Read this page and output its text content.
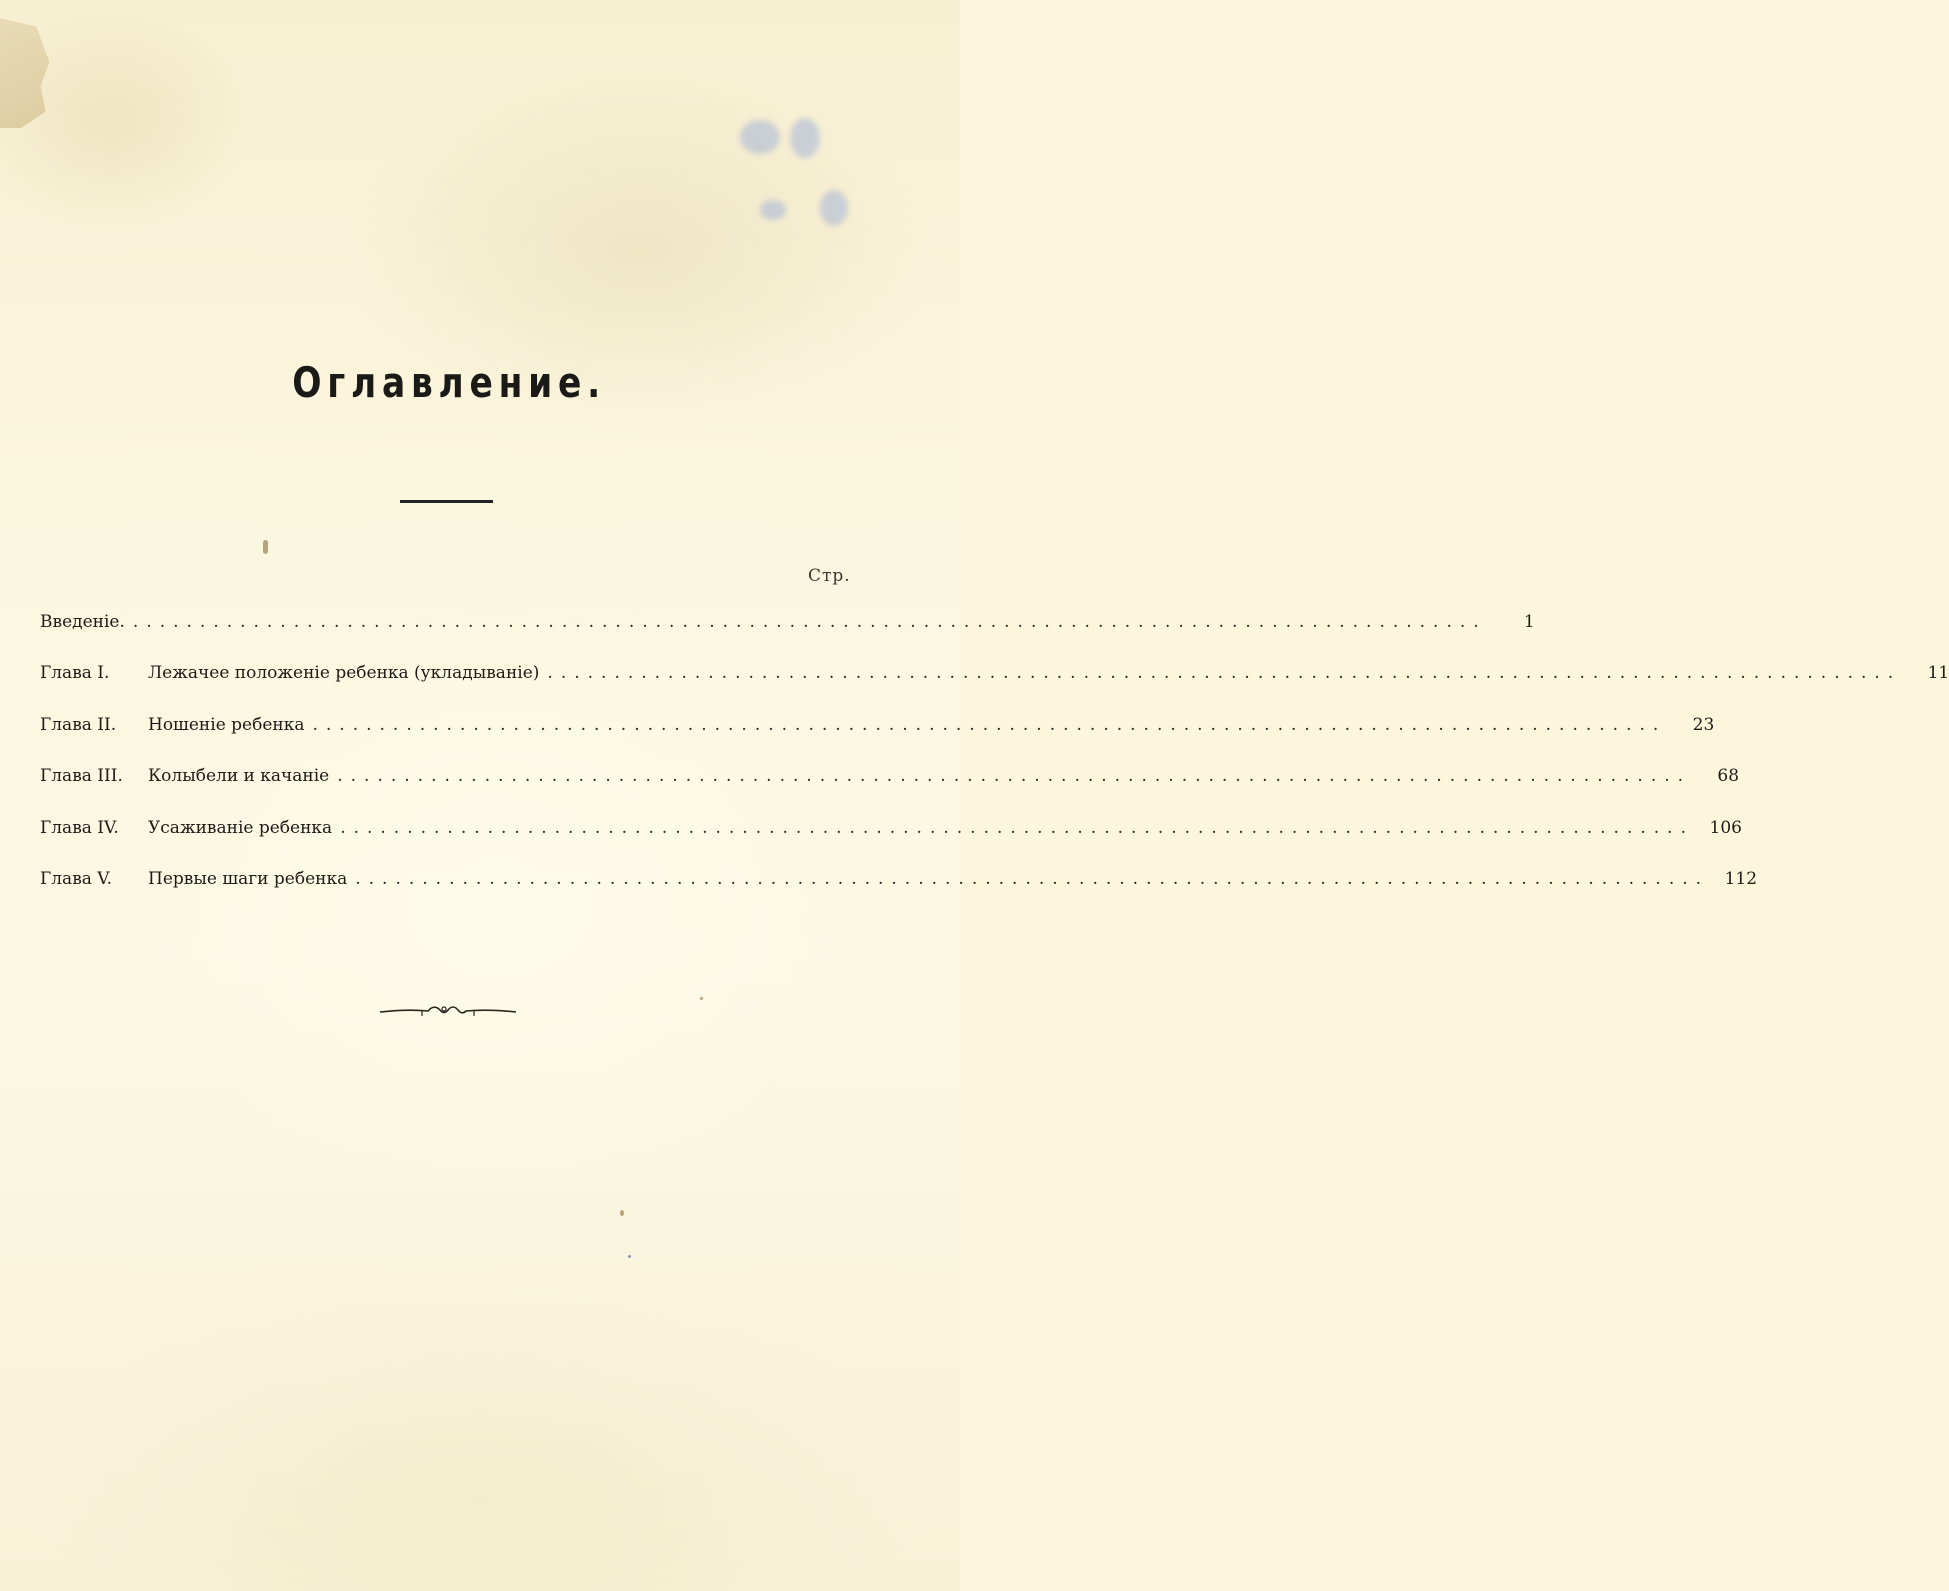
Оглавление.
Стр.
Введеніе. .....................................................................................................	1
Глава I.	Лежачее положеніе ребенка (укладываніе) .....................................................................................................	11
Глава II.	Ношеніе ребенка .....................................................................................................	23
Глава III.	Колыбели и качаніе .....................................................................................................	68
Глава IV.	Усаживаніе ребенка ..................................................................................................... 106
Глава V.	Первые шаги ребенка ..................................................................................................... 112
